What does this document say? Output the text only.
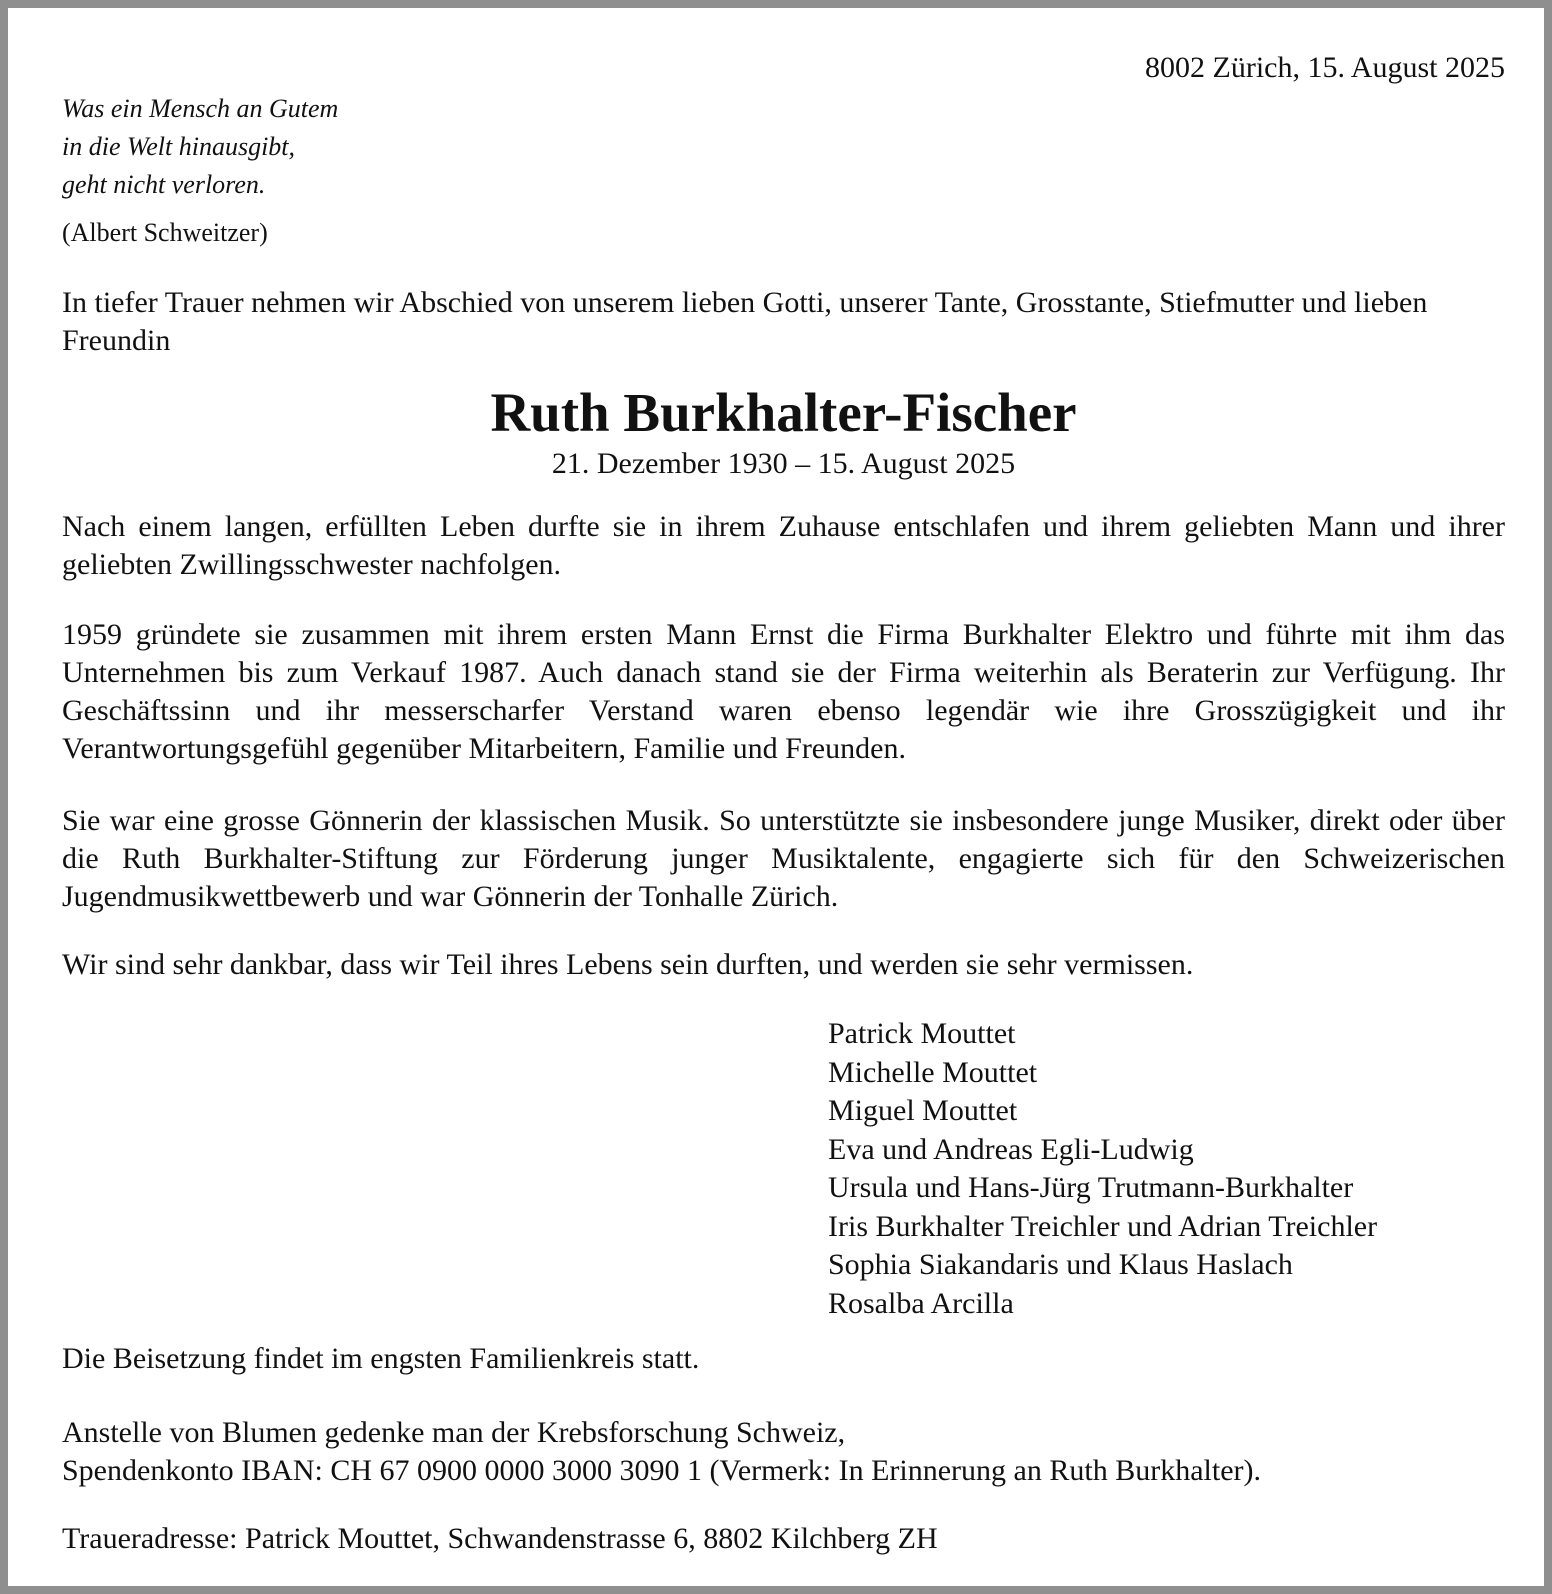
8002 Zürich, 15. August 2025

Was ein Mensch an Gutem
in die Welt hinausgibt,
geht nicht verloren.

(Albert Schweitzer)

In tiefer Trauer nehmen wir Abschied von unserem lieben Gotti, unserer Tante, Grosstante, Stiefmutter und lieben Freundin

Ruth Burkhalter-Fischer

21. Dezember 1930 – 15. August 2025

Nach einem langen, erfüllten Leben durfte sie in ihrem Zuhause entschlafen und ihrem geliebten Mann und ihrer geliebten Zwillingsschwester nachfolgen.

1959 gründete sie zusammen mit ihrem ersten Mann Ernst die Firma Burkhalter Elektro und führte mit ihm das Unternehmen bis zum Verkauf 1987. Auch danach stand sie der Firma weiterhin als Beraterin zur Verfügung. Ihr Geschäftssinn und ihr messerscharfer Verstand waren ebenso legendär wie ihre Grosszügigkeit und ihr Verantwortungsgefühl gegenüber Mitarbeitern, Familie und Freunden.

Sie war eine grosse Gönnerin der klassischen Musik. So unterstützte sie insbesondere junge Musiker, direkt oder über die Ruth Burkhalter-Stiftung zur Förderung junger Musiktalente, engagierte sich für den Schweizerischen Jugendmusikwettbewerb und war Gönnerin der Tonhalle Zürich.

Wir sind sehr dankbar, dass wir Teil ihres Lebens sein durften, und werden sie sehr vermissen.

Patrick Mouttet
Michelle Mouttet
Miguel Mouttet
Eva und Andreas Egli-Ludwig
Ursula und Hans-Jürg Trutmann-Burkhalter
Iris Burkhalter Treichler und Adrian Treichler
Sophia Siakandaris und Klaus Haslach
Rosalba Arcilla

Die Beisetzung findet im engsten Familienkreis statt.

Anstelle von Blumen gedenke man der Krebsforschung Schweiz,
Spendenkonto IBAN: CH 67 0900 0000 3000 3090 1 (Vermerk: In Erinnerung an Ruth Burkhalter).

Traueradresse: Patrick Mouttet, Schwandenstrasse 6, 8802 Kilchberg ZH
